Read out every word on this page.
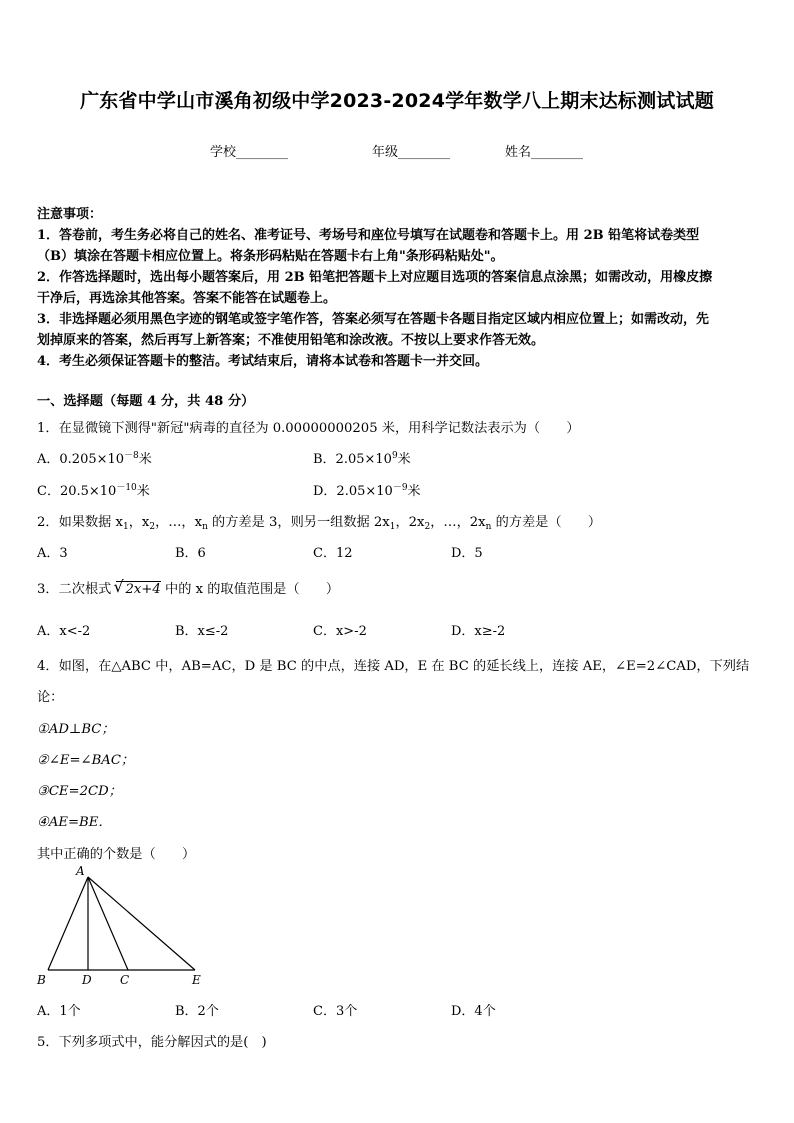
广东省中学山市溪角初级中学2023-2024学年数学八上期末达标测试试题
学校________	年级________	姓名________
注意事项：
1．答卷前，考生务必将自己的姓名、准考证号、考场号和座位号填写在试题卷和答题卡上。用 2B 铅笔将试卷类型
（B）填涂在答题卡相应位置上。将条形码粘贴在答题卡右上角"条形码粘贴处"。
2．作答选择题时，选出每小题答案后，用 2B 铅笔把答题卡上对应题目选项的答案信息点涂黑；如需改动，用橡皮擦
干净后，再选涂其他答案。答案不能答在试题卷上。
3．非选择题必须用黑色字迹的钢笔或签字笔作答，答案必须写在答题卡各题目指定区域内相应位置上；如需改动，先
划掉原来的答案，然后再写上新答案；不准使用铅笔和涂改液。不按以上要求作答无效。
4．考生必须保证答题卡的整洁。考试结束后，请将本试卷和答题卡一并交回。
一、选择题（每题 4 分，共 48 分）
1．在显微镜下测得"新冠"病毒的直径为 0.00000000205 米，用科学记数法表示为（　　）
A．$0.205\times 10^{-8}$米	B．$2.05\times 10^9$米
C．$20.5\times 10^{-10}$米	D．$2.05\times 10^{-9}$米
2．如果数据 $x_1$，$x_2$，…，$x_n$ 的方差是 3，则另一组数据 $2x_1$，$2x_2$，…，$2x_n$ 的方差是（　　）
A．3	B．6	C．12	D．5
3．二次根式 √ 2x+4 中的 x 的取值范围是（　　）
A．x<-2	B．x≤-2	C．x>-2	D．x≥-2
4．如图，在△ABC 中，AB=AC，D 是 BC 的中点，连接 AD，E 在 BC 的延长线上，连接 AE，∠E=2∠CAD，下列结
论：
①AD⊥BC；
②∠E=∠BAC；
③CE=2CD；
④AE=BE．
其中正确的个数是（　　）
A
B	D C	E
A．1个	B．2个	C．3个	D．4个
5．下列多项式中，能分解因式的是(　)
